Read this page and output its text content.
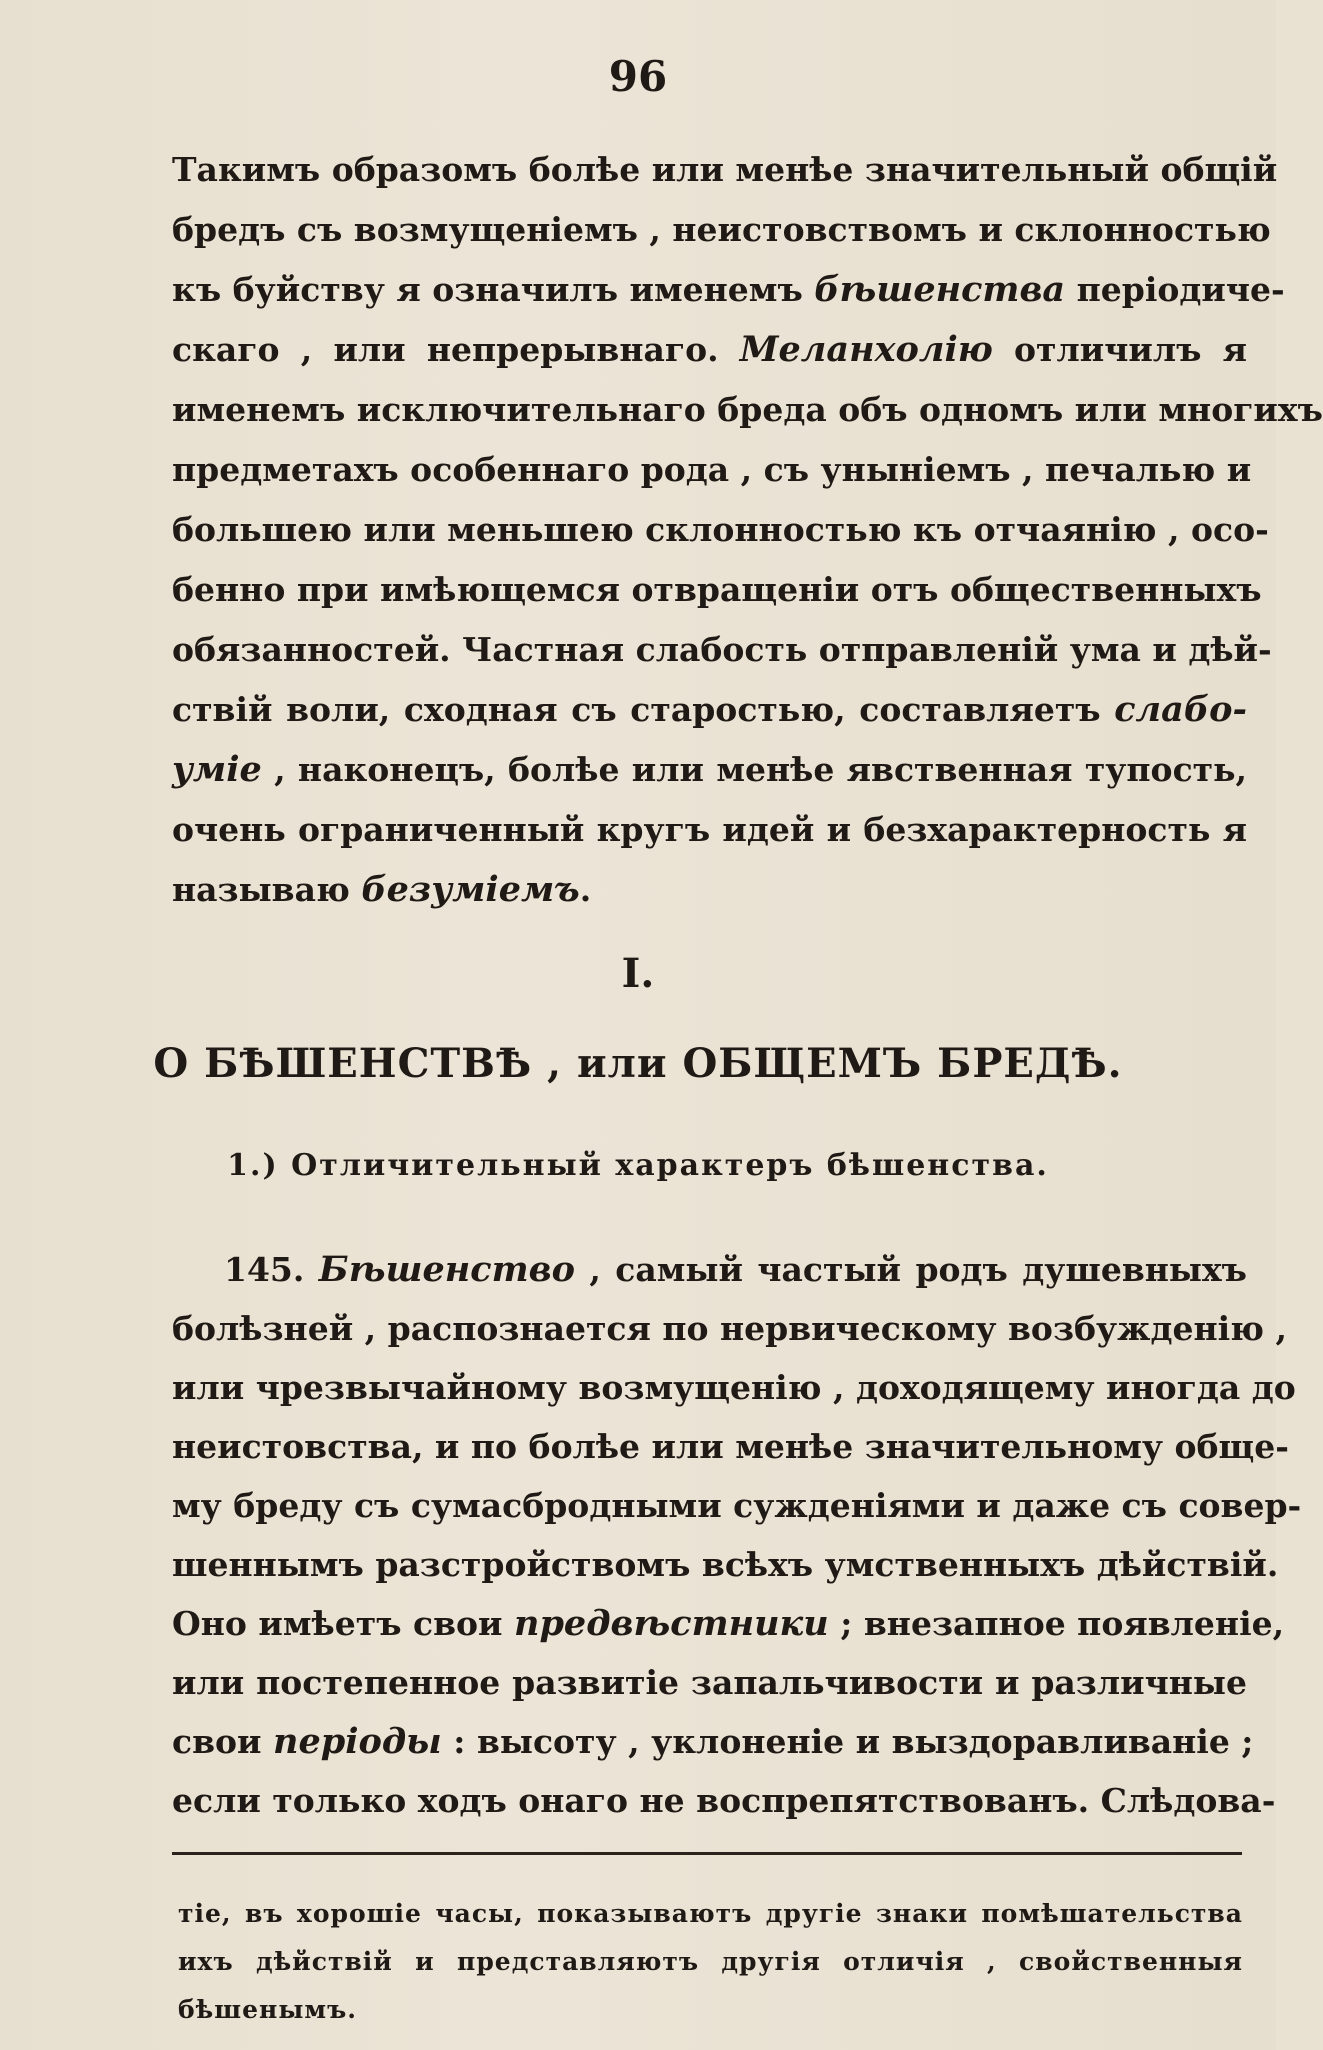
96
Такимъ образомъ болѣе или менѣе значительный общій
бредъ съ возмущеніемъ , неистовствомъ и склонностью
къ буйству я означилъ именемъ бѣшенства періодиче-
скаго , или непрерывнаго. Меланхолію отличилъ я
именемъ исключительнаго бреда объ одномъ или многихъ
предметахъ особеннаго рода , съ уныніемъ , печалью и
большею или меньшею склонностью къ отчаянію , осо-
бенно при имѣющемся отвращеніи отъ общественныхъ
обязанностей. Частная слабость отправленій ума и дѣй-
ствій воли, сходная съ старостью, составляетъ слабо-
уміе , наконецъ, болѣе или менѣе явственная тупость,
очень ограниченный кругъ идей и безхарактерность я
называю безуміемъ.
I.
О БѢШЕНСТВѢ , или ОБЩЕМЪ БРЕДѢ.
1.) Отличительный характеръ бѣшенства.
145. Бѣшенство , самый частый родъ душевныхъ
болѣзней , распознается по нервическому возбужденію ,
или чрезвычайному возмущенію , доходящему иногда до
неистовства, и по болѣе или менѣе значительному обще-
му бреду съ сумасбродными сужденіями и даже съ совер-
шеннымъ разстройствомъ всѣхъ умственныхъ дѣйствій.
Оно имѣетъ свои предвѣстники ; внезапное появленіе,
или постепенное развитіе запальчивости и различные
свои періоды : высоту , уклоненіе и выздоравливаніе ;
если только ходъ онаго не воспрепятствованъ. Слѣдова-
тіе, въ хорошіе часы, показываютъ другіе знаки помѣшательства
ихъ дѣйствій и представляютъ другія отличія , свойственныя
бѣшенымъ.
